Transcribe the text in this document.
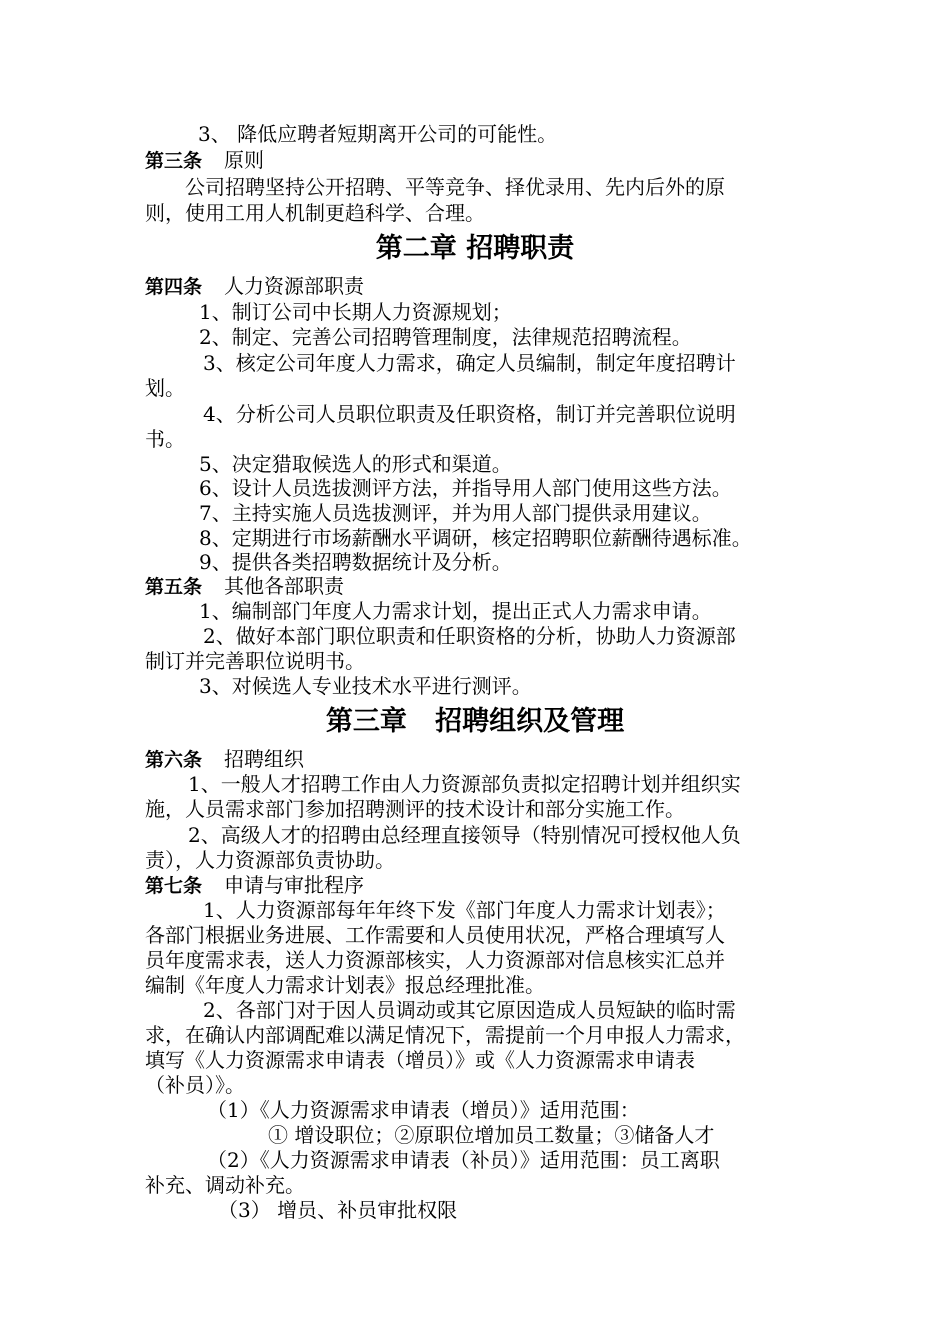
3、 降低应聘者短期离开公司的可能性。
第三条 原则
公司招聘坚持公开招聘、平等竞争、择优录用、先内后外的原
则，使用工用人机制更趋科学、合理。
第二章 招聘职责
第四条 人力资源部职责
1、制订公司中长期人力资源规划；
2、制定、完善公司招聘管理制度，法律规范招聘流程。
3、核定公司年度人力需求，确定人员编制，制定年度招聘计
划。
4、分析公司人员职位职责及任职资格，制订并完善职位说明
书。
5、决定猎取候选人的形式和渠道。
6、设计人员选拔测评方法，并指导用人部门使用这些方法。
7、主持实施人员选拔测评，并为用人部门提供录用建议。
8、定期进行市场薪酬水平调研，核定招聘职位薪酬待遇标准。
9、提供各类招聘数据统计及分析。
第五条 其他各部职责
1、编制部门年度人力需求计划，提出正式人力需求申请。
2、做好本部门职位职责和任职资格的分析，协助人力资源部
制订并完善职位说明书。
3、对候选人专业技术水平进行测评。
第三章   招聘组织及管理
第六条 招聘组织
1、一般人才招聘工作由人力资源部负责拟定招聘计划并组织实
施，人员需求部门参加招聘测评的技术设计和部分实施工作。
2、高级人才的招聘由总经理直接领导（特别情况可授权他人负
责），人力资源部负责协助。
第七条 申请与审批程序
1、人力资源部每年年终下发《部门年度人力需求计划表》；
各部门根据业务进展、工作需要和人员使用状况，严格合理填写人
员年度需求表，送人力资源部核实，人力资源部对信息核实汇总并
编制《年度人力需求计划表》报总经理批准。
2、各部门对于因人员调动或其它原因造成人员短缺的临时需
求，在确认内部调配难以满足情况下，需提前一个月申报人力需求，
填写《人力资源需求申请表（增员）》或《人力资源需求申请表
（补员）》。
（1）《人力资源需求申请表（增员）》适用范围：
① 增设职位；②原职位增加员工数量；③储备人才
（2）《人力资源需求申请表（补员）》适用范围：员工离职
补充、调动补充。
（3） 增员、补员审批权限
